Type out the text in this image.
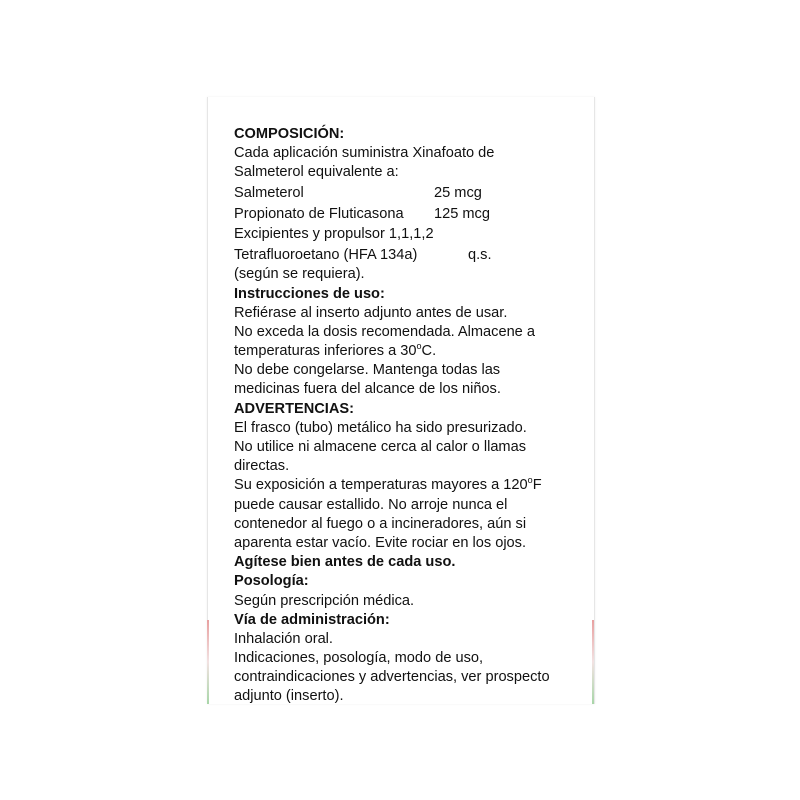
COMPOSICIÓN:
Cada aplicación suministra Xinafoato de
Salmeterol equivalente a:
Salmeterol	25 mcg
Propionato de Fluticasona 125 mcg
Excipientes y propulsor 1,1,1,2
Tetrafluoroetano (HFA 134a)	q.s.
(según se requiera).
Instrucciones de uso:
Refiérase al inserto adjunto antes de usar.
No exceda la dosis recomendada. Almacene a
temperaturas inferiores a 30$^o$C.
No debe congelarse. Mantenga todas las
medicinas fuera del alcance de los niños.
ADVERTENCIAS:
El frasco (tubo) metálico ha sido presurizado.
No utilice ni almacene cerca al calor o llamas
directas.
Su exposición a temperaturas mayores a 120$^o$F
puede causar estallido. No arroje nunca el
contenedor al fuego o a incineradores, aún si
aparenta estar vacío. Evite rociar en los ojos.
Agítese bien antes de cada uso.
Posología:
Según prescripción médica.
Vía de administración:
Inhalación oral.
Indicaciones, posología, modo de uso,
contraindicaciones y advertencias, ver prospecto
adjunto (inserto).
